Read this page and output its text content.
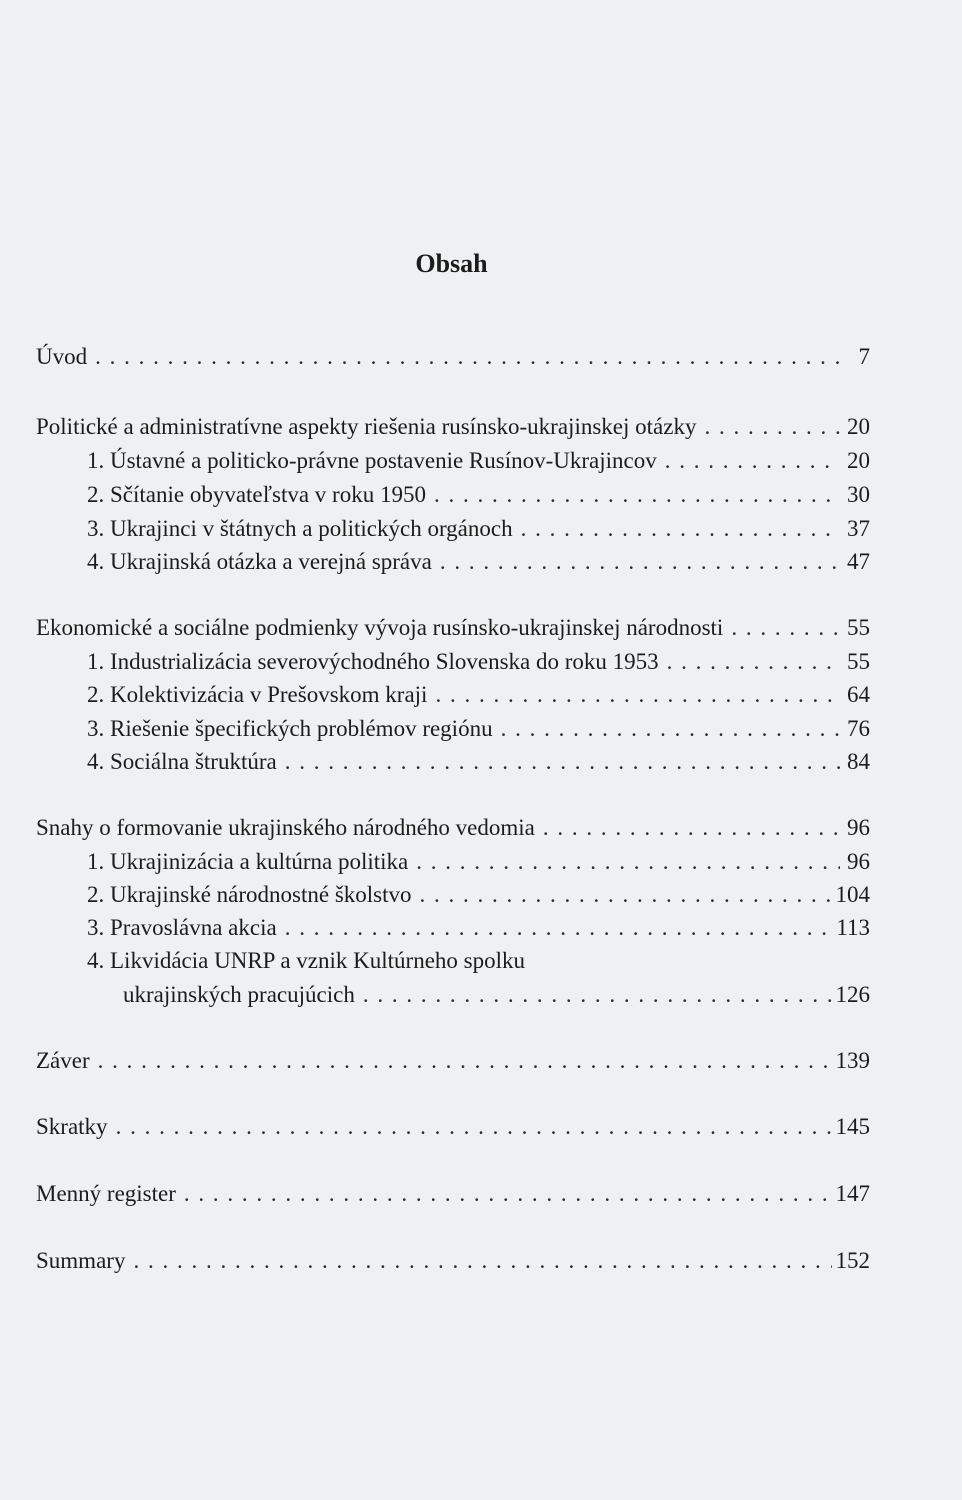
Obsah
Úvod . . .	7
Politické a administratívne aspekty riešenia rusínsko-ukrajinskej otázky . . .	20
1. Ústavné a politicko-právne postavenie Rusínov-Ukrajincov . . .	20
2. Sčítanie obyvateľstva v roku 1950 . . .	30
3. Ukrajinci v štátnych a politických orgánoch . . .	37
4. Ukrajinská otázka a verejná správa . . .	47
Ekonomické a sociálne podmienky vývoja rusínsko-ukrajinskej národnosti . . .	55
1. Industrializácia severovýchodného Slovenska do roku 1953 . . .	55
2. Kolektivizácia v Prešovskom kraji . . .	64
3. Riešenie špecifických problémov regiónu . . .	76
4. Sociálna štruktúra . . .	84
Snahy o formovanie ukrajinského národného vedomia . . .	96
1. Ukrajinizácia a kultúrna politika . . .	96
2. Ukrajinské národnostné školstvo . . .	104
3. Pravoslávna akcia . . .	113
4. Likvidácia UNRP a vznik Kultúrneho spolku
ukrajinských pracujúcich . . .	126
Záver . . .	139
Skratky . . .	145
Menný register . . .	147
Summary . . .	152
